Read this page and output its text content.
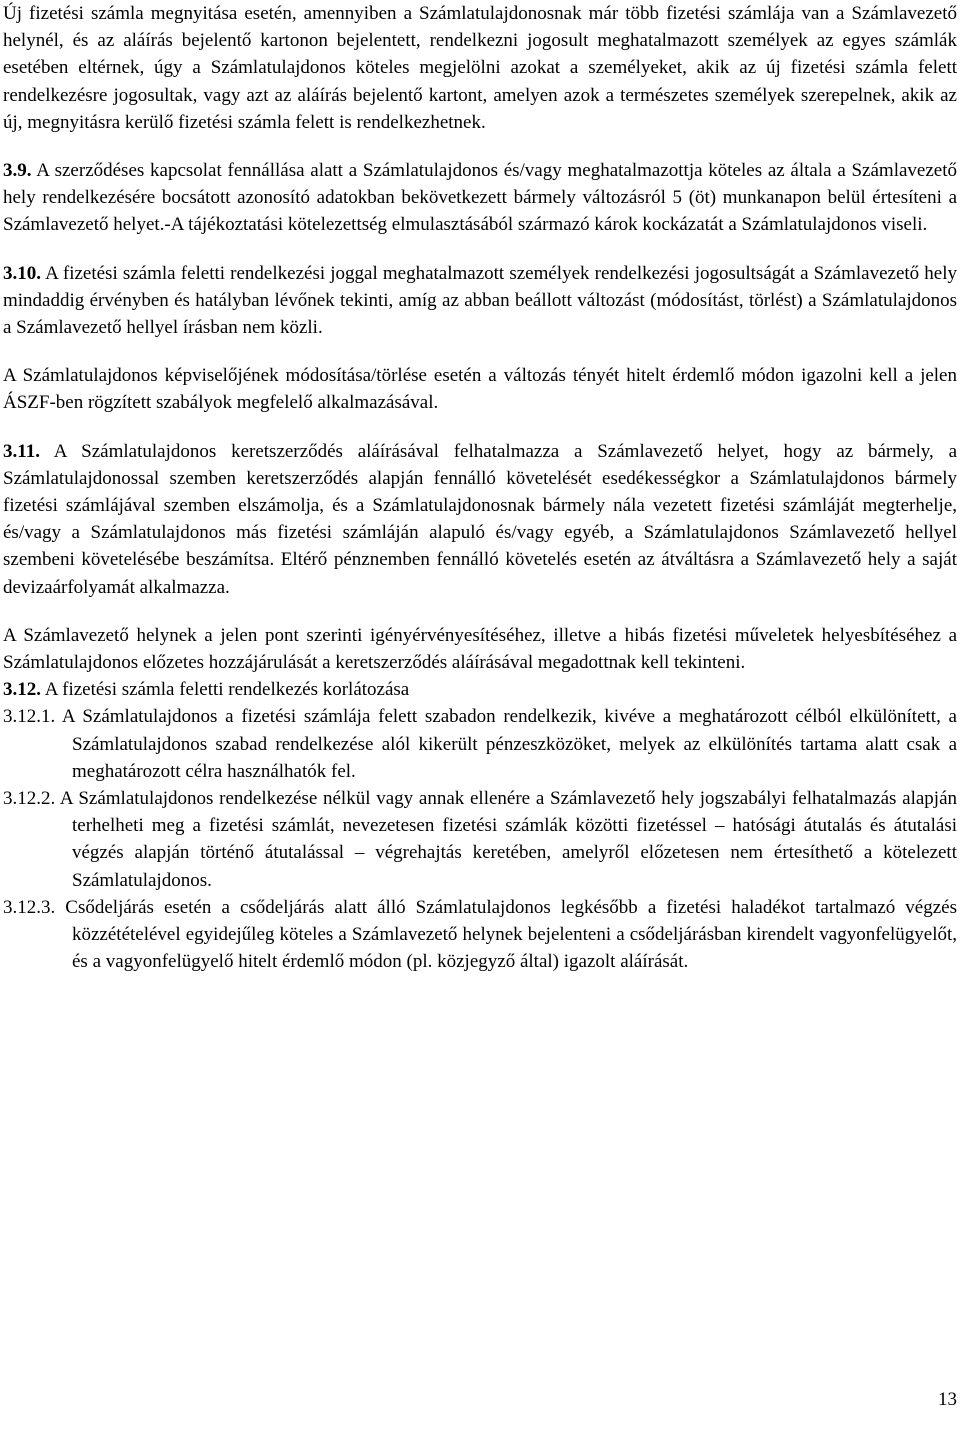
Új fizetési számla megnyitása esetén, amennyiben a Számlatulajdonosnak már több fizetési számlája van a Számlavezető helynél, és az aláírás bejelentő kartonon bejelentett, rendelkezni jogosult meghatalmazott személyek az egyes számlák esetében eltérnek, úgy a Számlatulajdonos köteles megjelölni azokat a személyeket, akik az új fizetési számla felett rendelkezésre jogosultak, vagy azt az aláírás bejelentő kartont, amelyen azok a természetes személyek szerepelnek, akik az új, megnyitásra kerülő fizetési számla felett is rendelkezhetnek.

3.9. A szerződéses kapcsolat fennállása alatt a Számlatulajdonos és/vagy meghatalmazottja köteles az általa a Számlavezető hely rendelkezésére bocsátott azonosító adatokban bekövetkezett bármely változásról 5 (öt) munkanapon belül értesíteni a Számlavezető helyet.-A tájékoztatási kötelezettség elmulasztásából származó károk kockázatát a Számlatulajdonos viseli.

3.10. A fizetési számla feletti rendelkezési joggal meghatalmazott személyek rendelkezési jogosultságát a Számlavezető hely mindaddig érvényben és hatályban lévőnek tekinti, amíg az abban beállott változást (módosítást, törlést) a Számlatulajdonos a Számlavezető hellyel írásban nem közli.

A Számlatulajdonos képviselőjének módosítása/törlése esetén a változás tényét hitelt érdemlő módon igazolni kell a jelen ÁSZF-ben rögzített szabályok megfelelő alkalmazásával.

3.11. A Számlatulajdonos keretszerződés aláírásával felhatalmazza a Számlavezető helyet, hogy az bármely, a Számlatulajdonossal szemben keretszerződés alapján fennálló követelését esedékességkor a Számlatulajdonos bármely fizetési számlájával szemben elszámolja, és a Számlatulajdonosnak bármely nála vezetett fizetési számláját megterhelje, és/vagy a Számlatulajdonos más fizetési számláján alapuló és/vagy egyéb, a Számlatulajdonos Számlavezető hellyel szembeni követelésébe beszámítsa. Eltérő pénznemben fennálló követelés esetén az átváltásra a Számlavezető hely a saját devizaárfolyamát alkalmazza.

A Számlavezető helynek a jelen pont szerinti igényérvényesítéséhez, illetve a hibás fizetési műveletek helyesbítéséhez a Számlatulajdonos előzetes hozzájárulását a keretszerződés aláírásával megadottnak kell tekinteni.

3.12. A fizetési számla feletti rendelkezés korlátozása

3.12.1. A Számlatulajdonos a fizetési számlája felett szabadon rendelkezik, kivéve a meghatározott célból elkülönített, a Számlatulajdonos szabad rendelkezése alól kikerült pénzeszközöket, melyek az elkülönítés tartama alatt csak a meghatározott célra használhatók fel.

3.12.2. A Számlatulajdonos rendelkezése nélkül vagy annak ellenére a Számlavezető hely jogszabályi felhatalmazás alapján terhelheti meg a fizetési számlát, nevezetesen fizetési számlák közötti fizetéssel – hatósági átutalás és átutalási végzés alapján történő átutalással – végrehajtás keretében, amelyről előzetesen nem értesíthető a kötelezett Számlatulajdonos.

3.12.3. Csődeljárás esetén a csődeljárás alatt álló Számlatulajdonos legkésőbb a fizetési haladékot tartalmazó végzés közzétételével egyidejűleg köteles a Számlavezető helynek bejelenteni a csődeljárásban kirendelt vagyonfelügyelőt, és a vagyonfelügyelő hitelt érdemlő módon (pl. közjegyző által) igazolt aláírását.

13
